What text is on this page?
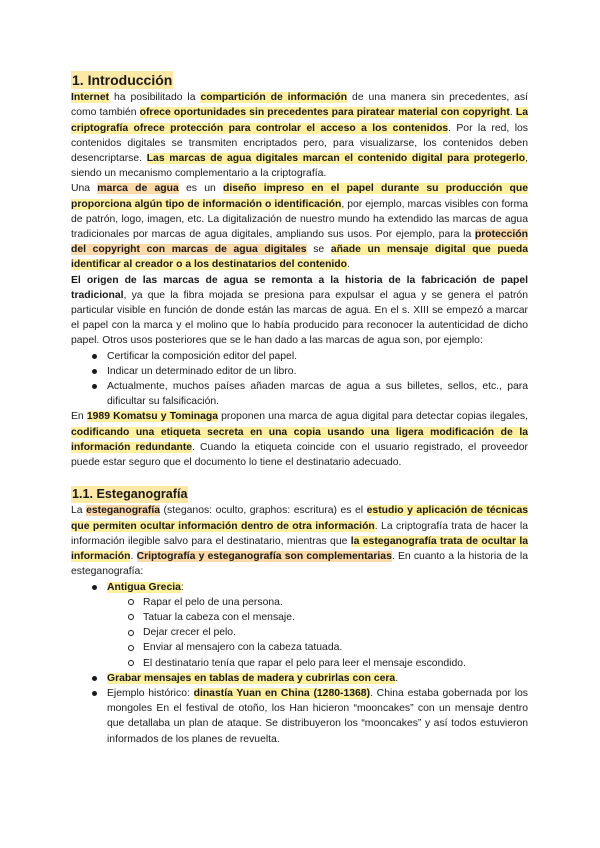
1. Introducción

Internet ha posibilitado la compartición de información de una manera sin precedentes, así como también ofrece oportunidades sin precedentes para piratear material con copyright. La criptografía ofrece protección para controlar el acceso a los contenidos. Por la red, los contenidos digitales se transmiten encriptados pero, para visualizarse, los contenidos deben desencriptarse. Las marcas de agua digitales marcan el contenido digital para protegerlo, siendo un mecanismo complementario a la criptografía.

Una marca de agua es un diseño impreso en el papel durante su producción que proporciona algún tipo de información o identificación, por ejemplo, marcas visibles con forma de patrón, logo, imagen, etc. La digitalización de nuestro mundo ha extendido las marcas de agua tradicionales por marcas de agua digitales, ampliando sus usos. Por ejemplo, para la protección del copyright con marcas de agua digitales se añade un mensaje digital que pueda identificar al creador o a los destinatarios del contenido.

El origen de las marcas de agua se remonta a la historia de la fabricación de papel tradicional, ya que la fibra mojada se presiona para expulsar el agua y se genera el patrón particular visible en función de donde están las marcas de agua. En el s. XIII se empezó a marcar el papel con la marca y el molino que lo había producido para reconocer la autenticidad de dicho papel. Otros usos posteriores que se le han dado a las marcas de agua son, por ejemplo:

Certificar la composición editor del papel.
Indicar un determinado editor de un libro.
Actualmente, muchos países añaden marcas de agua a sus billetes, sellos, etc., para dificultar su falsificación.

En 1989 Komatsu y Tominaga proponen una marca de agua digital para detectar copias ilegales, codificando una etiqueta secreta en una copia usando una ligera modificación de la información redundante. Cuando la etiqueta coincide con el usuario registrado, el proveedor puede estar seguro que el documento lo tiene el destinatario adecuado.

1.1. Esteganografía

La esteganografía (steganos: oculto, graphos: escritura) es el estudio y aplicación de técnicas que permiten ocultar información dentro de otra información. La criptografía trata de hacer la información ilegible salvo para el destinatario, mientras que la esteganografía trata de ocultar la información. Criptografía y esteganografía son complementarias. En cuanto a la historia de la esteganografía:

Antigua Grecia:
Rapar el pelo de una persona.
Tatuar la cabeza con el mensaje.
Dejar crecer el pelo.
Enviar al mensajero con la cabeza tatuada.
El destinatario tenía que rapar el pelo para leer el mensaje escondido.
Grabar mensajes en tablas de madera y cubrirlas con cera.
Ejemplo histórico: dinastía Yuan en China (1280-1368). China estaba gobernada por los mongoles En el festival de otoño, los Han hicieron “mooncakes” con un mensaje dentro que detallaba un plan de ataque. Se distribuyeron los “mooncakes” y así todos estuvieron informados de los planes de revuelta.
